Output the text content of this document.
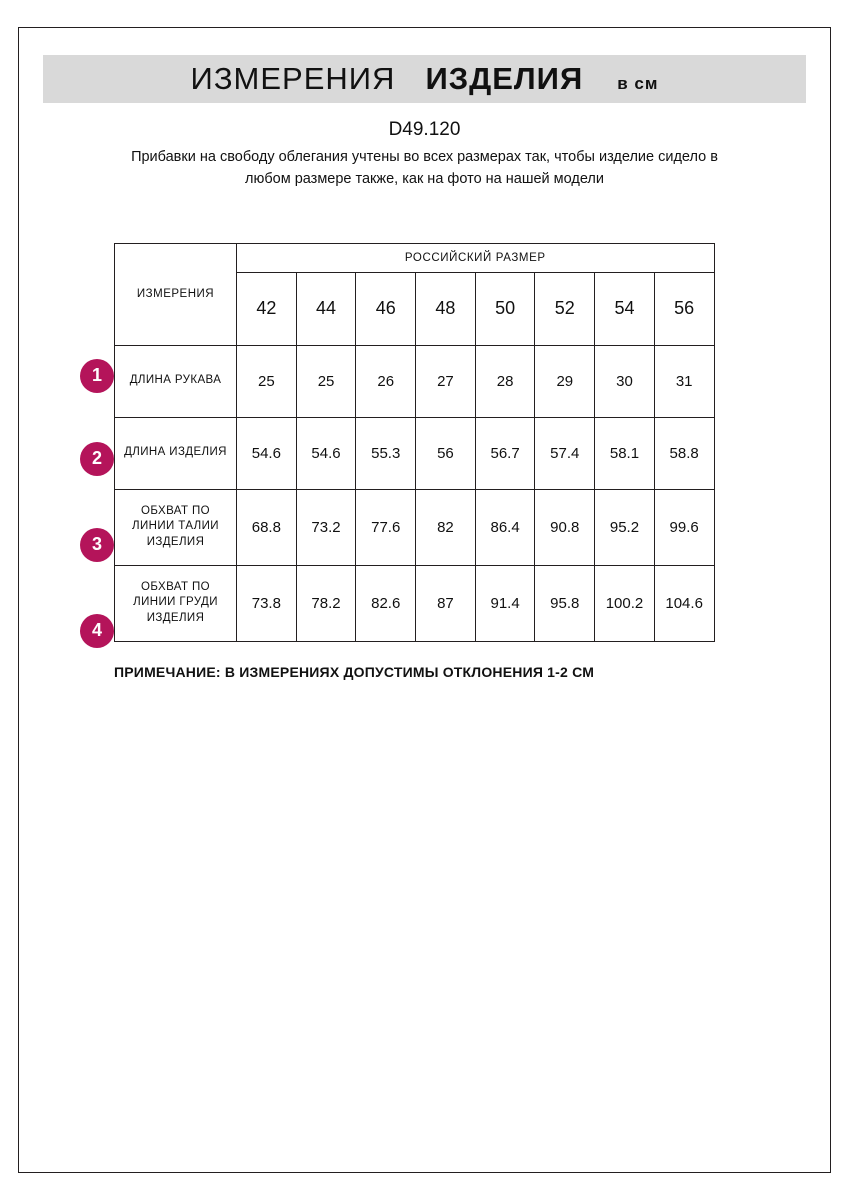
ИЗМЕРЕНИЯ ИЗДЕЛИЯ в см
D49.120
Прибавки на свободу облегания учтены во всех размерах так, чтобы изделие сидело в любом размере также, как на фото на нашей модели
1
2
3
4
ИЗМЕРЕНИЯ	РОССИЙСКИЙ РАЗМЕР							
	42	44	46	48	50	52	54	56
ДЛИНА РУКАВА	25	25	26	27	28	29	30	31
ДЛИНА ИЗДЕЛИЯ	54.6	54.6	55.3	56	56.7	57.4	58.1	58.8
ОБХВАТ ПО ЛИНИИ ТАЛИИ ИЗДЕЛИЯ	68.8	73.2	77.6	82	86.4	90.8	95.2	99.6
ОБХВАТ ПО ЛИНИИ ГРУДИ ИЗДЕЛИЯ	73.8	78.2	82.6	87	91.4	95.8	100.2	104.6
ПРИМЕЧАНИЕ: В ИЗМЕРЕНИЯХ ДОПУСТИМЫ ОТКЛОНЕНИЯ 1-2 СМ
